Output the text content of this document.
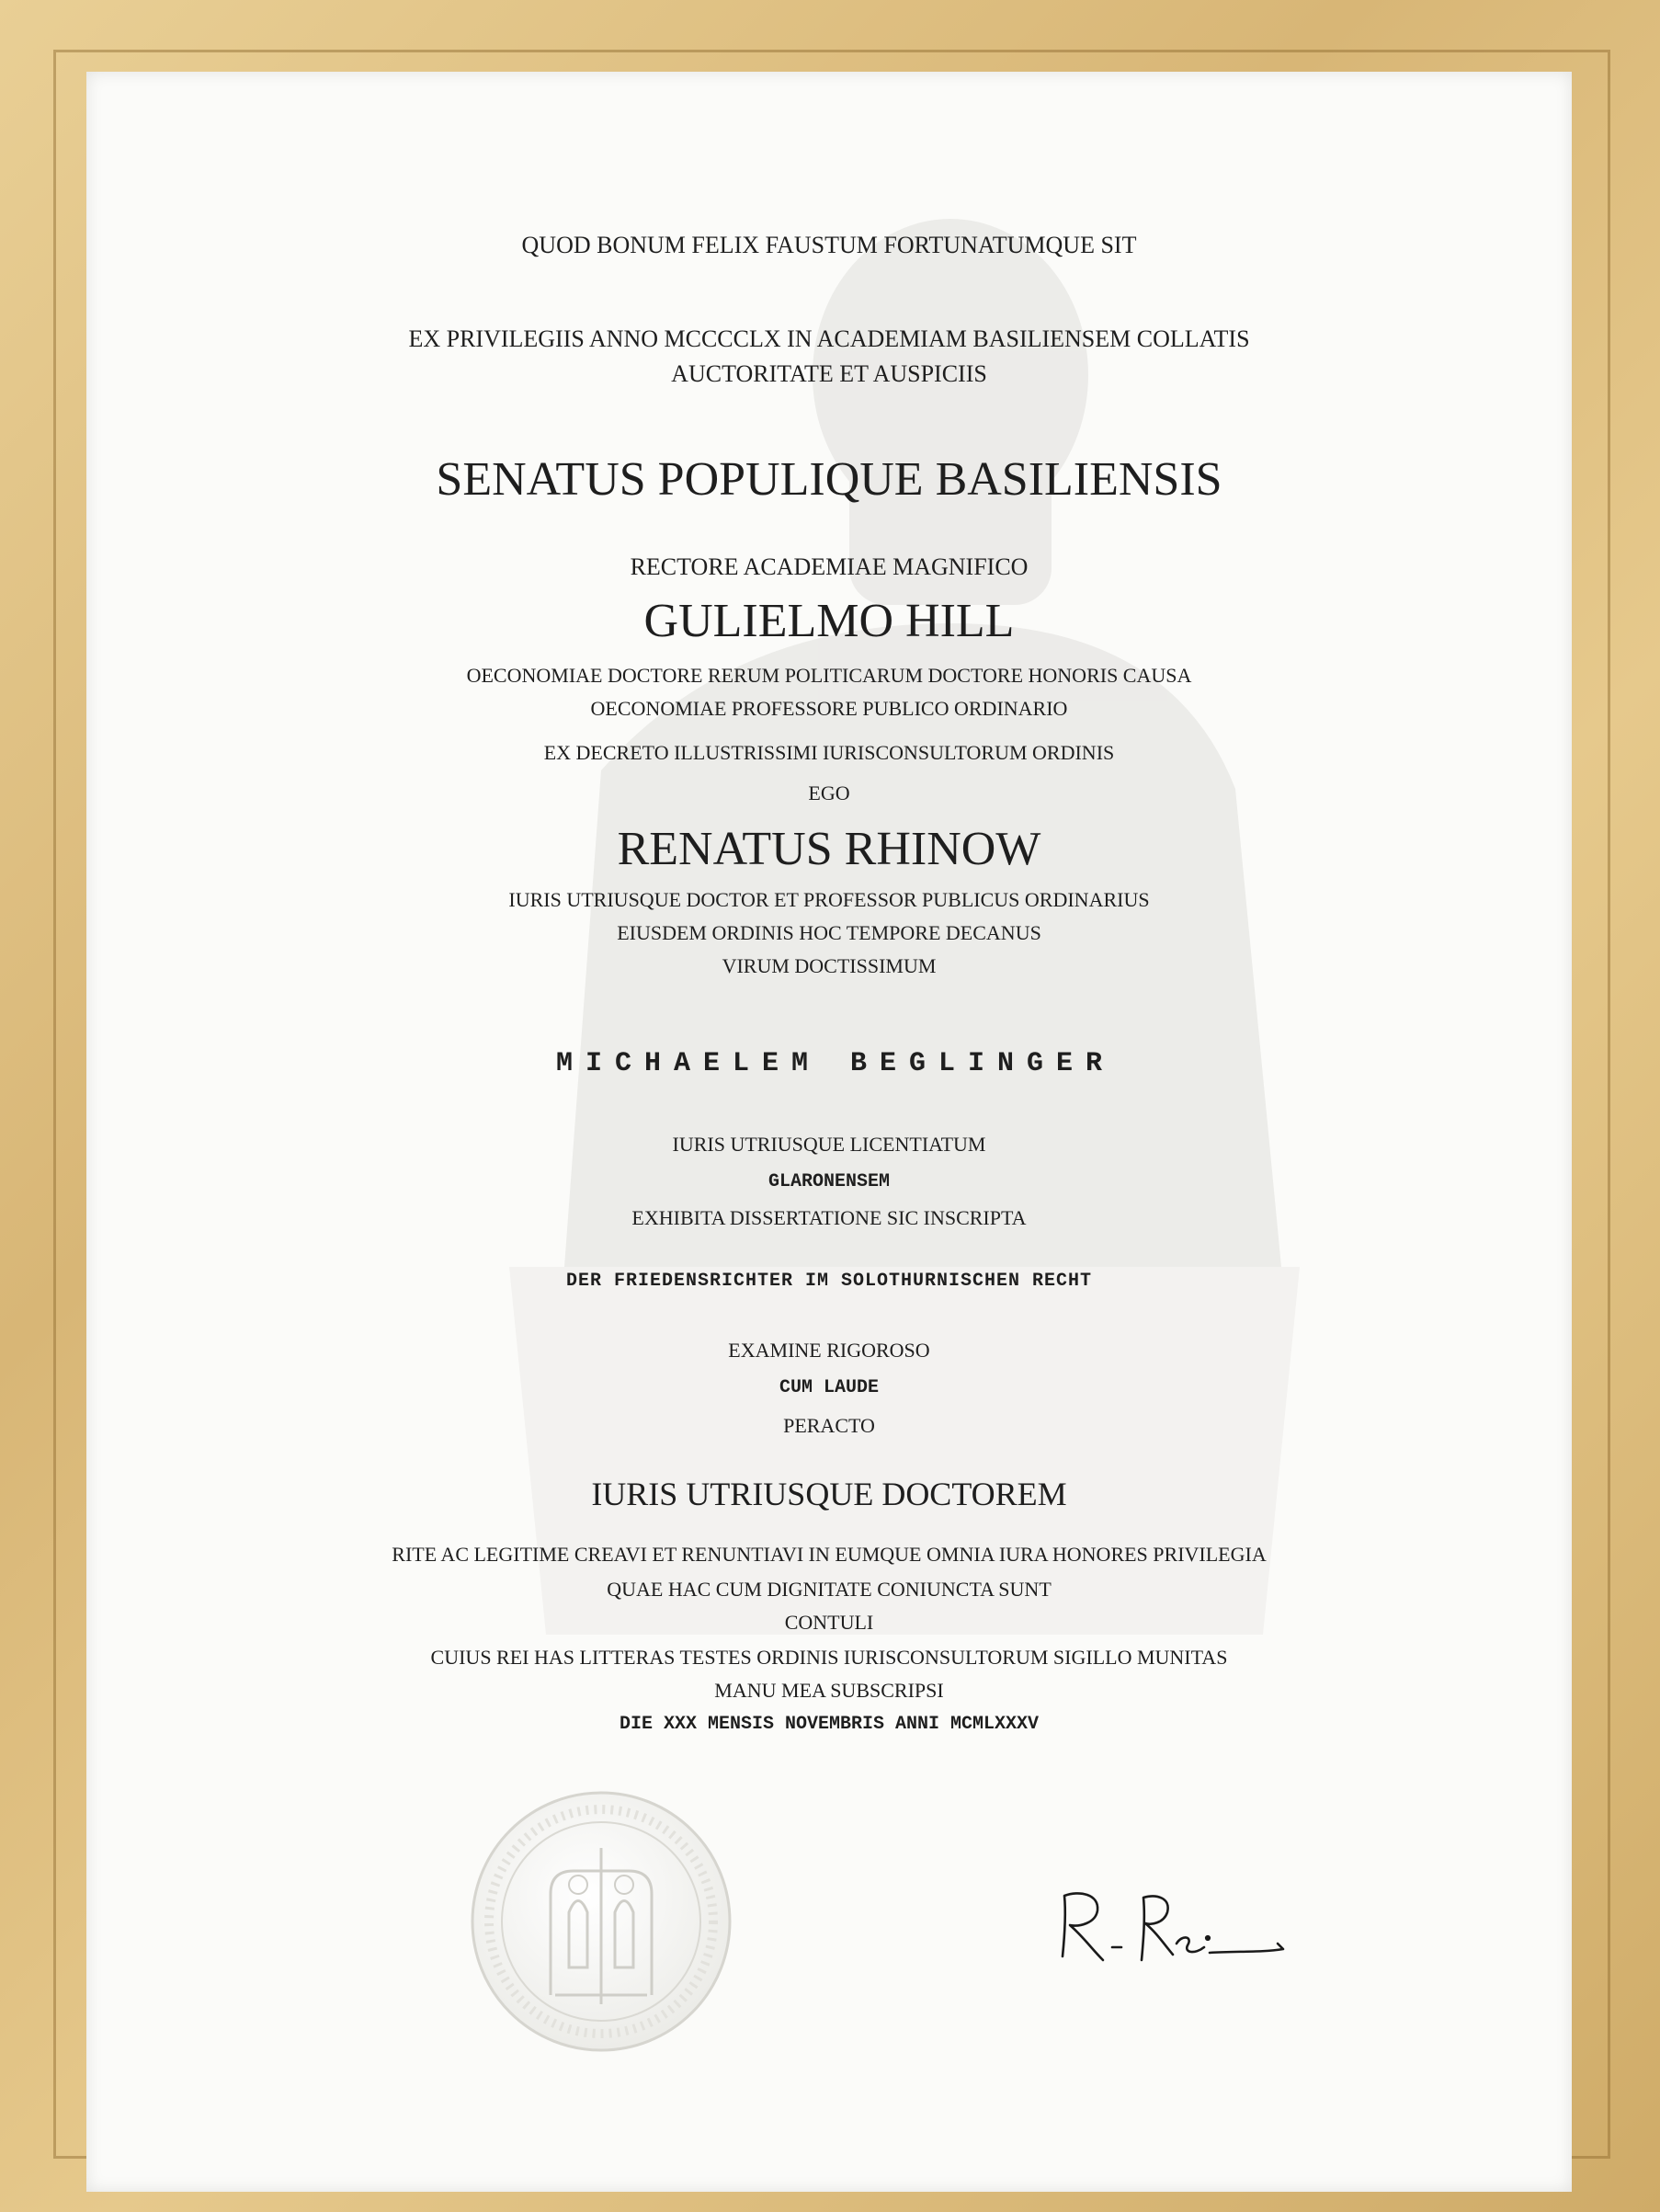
QUOD BONUM FELIX FAUSTUM FORTUNATUMQUE SIT
EX PRIVILEGIIS ANNO MCCCCLX IN ACADEMIAM BASILIENSEM COLLATIS
AUCTORITATE ET AUSPICIIS
SENATUS POPULIQUE BASILIENSIS
RECTORE ACADEMIAE MAGNIFICO
GULIELMO HILL
OECONOMIAE DOCTORE RERUM POLITICARUM DOCTORE HONORIS CAUSA
OECONOMIAE PROFESSORE PUBLICO ORDINARIO
EX DECRETO ILLUSTRISSIMI IURISCONSULTORUM ORDINIS
EGO
RENATUS RHINOW
IURIS UTRIUSQUE DOCTOR ET PROFESSOR PUBLICUS ORDINARIUS
EIUSDEM ORDINIS HOC TEMPORE DECANUS
VIRUM DOCTISSIMUM
MICHAELEM BEGLINGER
IURIS UTRIUSQUE LICENTIATUM
GLARONENSEM
EXHIBITA DISSERTATIONE SIC INSCRIPTA
DER FRIEDENSRICHTER IM SOLOTHURNISCHEN RECHT
EXAMINE RIGOROSO
CUM LAUDE
PERACTO
IURIS UTRIUSQUE DOCTOREM
RITE AC LEGITIME CREAVI ET RENUNTIAVI IN EUMQUE OMNIA IURA HONORES PRIVILEGIA
QUAE HAC CUM DIGNITATE CONIUNCTA SUNT
CONTULI
CUIUS REI HAS LITTERAS TESTES ORDINIS IURISCONSULTORUM SIGILLO MUNITAS
MANU MEA SUBSCRIPSI
DIE XXX MENSIS NOVEMBRIS ANNI MCMLXXXV
